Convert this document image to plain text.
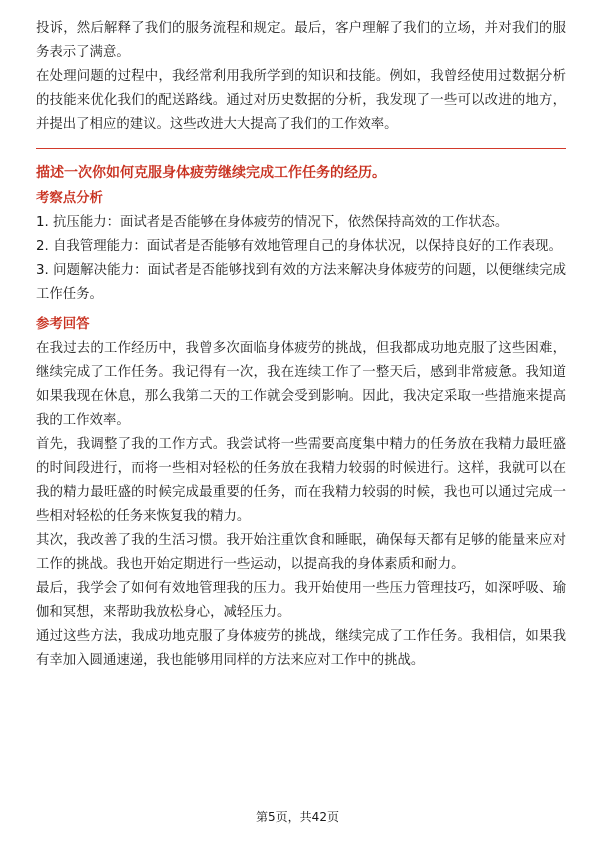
投诉，然后解释了我们的服务流程和规定。最后，客户理解了我们的立场，并对我们的服务表示了满意。

在处理问题的过程中，我经常利用我所学到的知识和技能。例如，我曾经使用过数据分析的技能来优化我们的配送路线。通过对历史数据的分析，我发现了一些可以改进的地方，并提出了相应的建议。这些改进大大提高了我们的工作效率。

描述一次你如何克服身体疲劳继续完成工作任务的经历。
考察点分析

1. 抗压能力：面试者是否能够在身体疲劳的情况下，依然保持高效的工作状态。

2. 自我管理能力：面试者是否能够有效地管理自己的身体状况，以保持良好的工作表现。

3. 问题解决能力：面试者是否能够找到有效的方法来解决身体疲劳的问题，以便继续完成工作任务。

参考回答

在我过去的工作经历中，我曾多次面临身体疲劳的挑战，但我都成功地克服了这些困难，继续完成了工作任务。我记得有一次，我在连续工作了一整天后，感到非常疲惫。我知道如果我现在休息，那么我第二天的工作就会受到影响。因此，我决定采取一些措施来提高我的工作效率。

首先，我调整了我的工作方式。我尝试将一些需要高度集中精力的任务放在我精力最旺盛的时间段进行，而将一些相对轻松的任务放在我精力较弱的时候进行。这样，我就可以在我的精力最旺盛的时候完成最重要的任务，而在我精力较弱的时候，我也可以通过完成一些相对轻松的任务来恢复我的精力。

其次，我改善了我的生活习惯。我开始注重饮食和睡眠，确保每天都有足够的能量来应对工作的挑战。我也开始定期进行一些运动，以提高我的身体素质和耐力。

最后，我学会了如何有效地管理我的压力。我开始使用一些压力管理技巧，如深呼吸、瑜伽和冥想，来帮助我放松身心，减轻压力。

通过这些方法，我成功地克服了身体疲劳的挑战，继续完成了工作任务。我相信，如果我有幸加入圆通速递，我也能够用同样的方法来应对工作中的挑战。

第5页，共42页
